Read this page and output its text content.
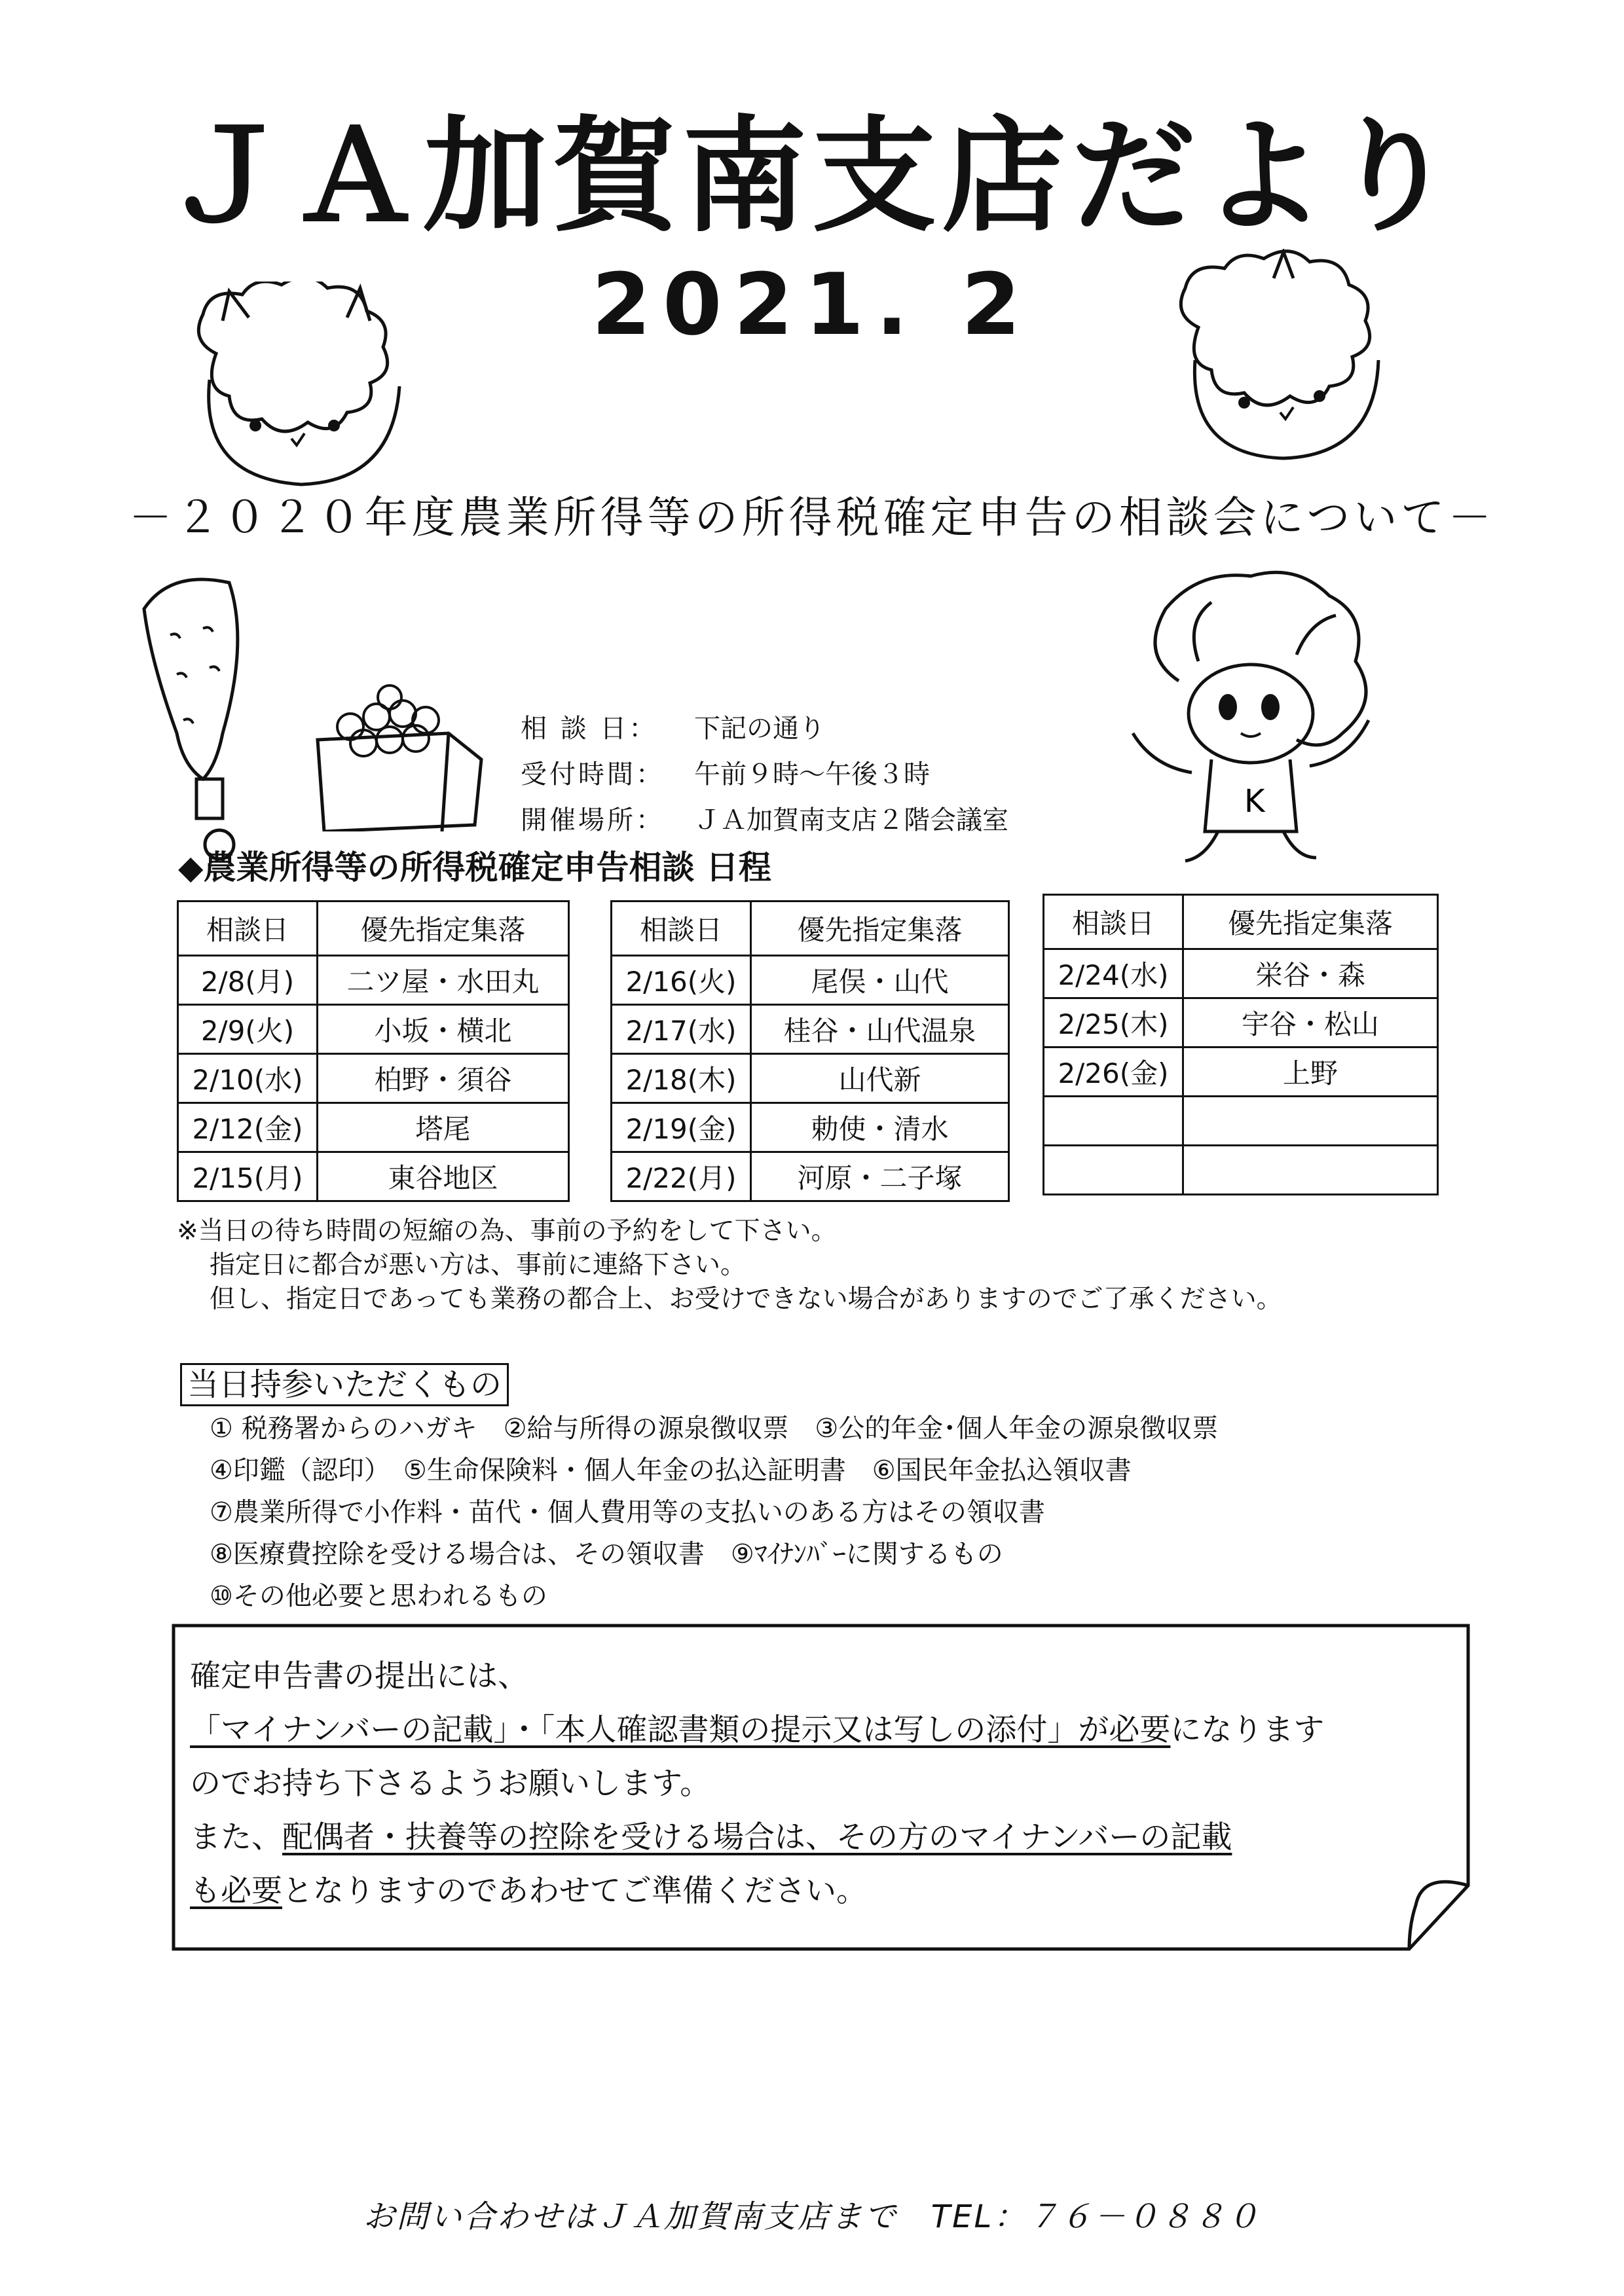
ＪＡ加賀南支店だより
2021. 2
－２０２０年度農業所得等の所得税確定申告の相談会について－
K
相 談 日：	下記の通り
受付時間：	午前９時～午後３時
開催場所：	ＪＡ加賀南支店２階会議室
◆農業所得等の所得税確定申告相談 日程
相談日	優先指定集落
2/8(月)	二ツ屋・水田丸
2/9(火)	小坂・横北
2/10(水)	柏野・須谷
2/12(金)	塔尾
2/15(月)	東谷地区
相談日	優先指定集落
2/16(火)	尾俣・山代
2/17(水)	桂谷・山代温泉
2/18(木)	山代新
2/19(金)	勅使・清水
2/22(月)	河原・二子塚
相談日	優先指定集落
2/24(水)	栄谷・森
2/25(木)	宇谷・松山
2/26(金)	上野

※当日の待ち時間の短縮の為、事前の予約をして下さい。
指定日に都合が悪い方は、事前に連絡下さい。
但し、指定日であっても業務の都合上、お受けできない場合がありますのでご了承ください。
当日持参いただくもの
① 税務署からのハガキ　②給与所得の源泉徴収票　③公的年金･個人年金の源泉徴収票
④印鑑（認印）　⑤生命保険料・個人年金の払込証明書　⑥国民年金払込領収書
⑦農業所得で小作料・苗代・個人費用等の支払いのある方はその領収書
⑧医療費控除を受ける場合は、その領収書　⑨ﾏｲﾅﾝﾊﾞｰに関するもの
⑩その他必要と思われるもの
確定申告書の提出には、
「マイナンバーの記載」・「本人確認書類の提示又は写しの添付」が必要になります
のでお持ち下さるようお願いします。
また、配偶者・扶養等の控除を受ける場合は、その方のマイナンバーの記載
も必要となりますのであわせてご準備ください。
お問い合わせはＪＡ加賀南支店まで　TEL：７６－０８８０
